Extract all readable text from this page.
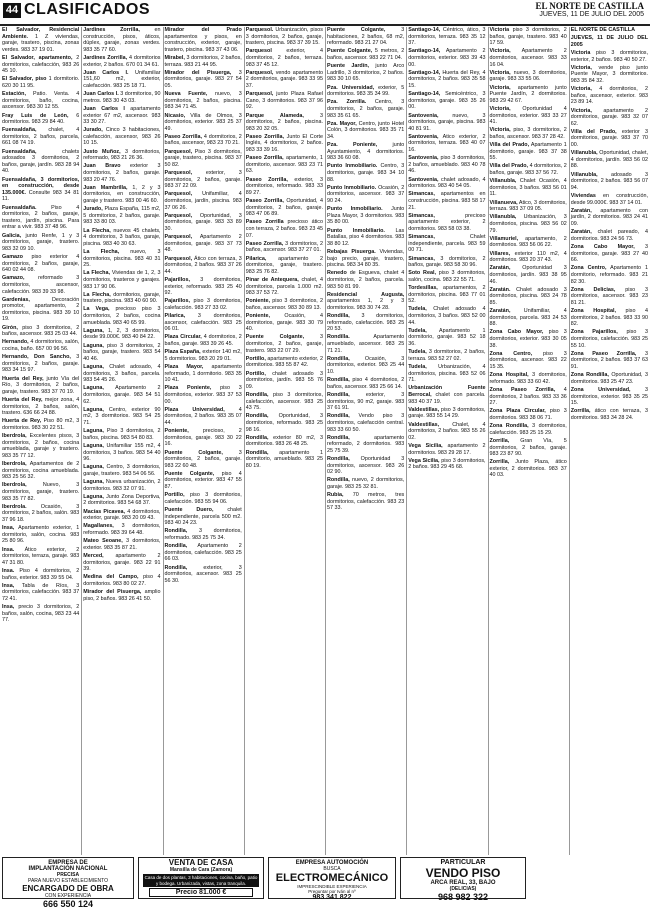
44 CLASIFICADOS	EL NORTE DE CASTILLA
JUEVES, 11 DE JULIO DEL 2005

El Salvador, Residencial Ambiente. 1 Z viviendas, garaje, trastero, piscina, zonas verdes. 983 37 19 01.

El Salvador, apartamento, 2 dormitorios, calefacción, 983 26 45 10.

El Salvador, piso 1 dormitorio. 620 30 11 95.

Estación, Patio. Venta. 4 dormitorios, baño, cocina, ascensor. 983 30 12 55.

Fray Luis de León, 6 dormitorios. 983 29 84 40.

Fuensaldaña, chalet, 4 dormitorios, 2 baños, parcela, 661 08 74 19.

Fuensaldaña,	chalets adosados 3 dormitorios, 2 baños, garaje, jardín. 983 28 94 40.

Fuensaldaña, 3 dormitorios, en construcción, desde 135.000€. Consulte 983 34 81 11.

Fuensaldaña.	Piso 4 dormitorios, 2 baños, garaje, trastero, jardín, piscina. Para entrar a vivir. 983 37 48 96.

Galicia, junto Renfe, 1 y 3 dormitorios, garaje, trastero. 983 32 09 10.

Gamazo piso exterior 4 dormitorios, 2 baños, garaje, 640 02 44 08.

Gamazo,	reformado 3 dormitorios, ascensor, calefacción. 983 39 33 98.

Gardenias,	Decoración promotor, apartamento, 2 dormitorios, piscina. 983 39 10 19.

Girón, piso 3 dormitorios, 2 baños, ascensor. 983 25 03 44.

Hernando, 4 dormitorios, salón, cocina, baño. 657 00 96 56.

Hernando, Don Sancho, 3 dormitorios, 2 baños, garaje. 983 34 15 97.

Huerta del Rey, junto Vía del Río, 3 dormitorios, 2 baños, garaje, trastero. 983 37 70 19.

Huerta del Rey, mejor zona, 4 dormitorios, 2 baños, salón, trastero. 636 66 24 88.

Huerta de Rey, Piso 80 m2, 3 dormitorios. 983 30 22 51.

Iberdrola, Excelentes pisos, 3 dormitorios, 2 baños, cocina amueblada, garaje y trastero. 983 35 77 12.

Iberdrola, Apartamentos de 2 dormitorios, cocina amueblada. 983 25 56 32.

Iberdrola,	Nuevo, 3 dormitorios, garaje, trastero. 983 35 77 82.

Iberdrola.	Ocasión, 3 dormitorios, 2 baños, salón. 983 37 96 18.

Insa, Apartamento exterior, 1 dormitorio, salón, cocina. 983 25 80 96.

Insa. Ático exterior, 2 dormitorios, terraza, garaje. 983 47 31 80.

Insa. Piso 4 dormitorios, 2 baños, exterior. 983 39 55 04.

Insa, Tabla de Ríos, 3 dormitorios, calefacción. 983 37 72 41.

Insa, precio 3 dormitorios, 2 baños, salón, cocina, 983 23 44 77.

Jardines Zorrilla,	en construcción, pisos, áticos, dúplex, garaje, zonas verdes. 983 35 77 60.

Jardines Zorrilla, 4 dormitorios exterior, 2 baños. 670 01 34 61.

Juan Carlos I. Unifamiliar 151,60 m2, exterior, calefacción. 983 25 18 71.

Juan Carlos I. 3 dormitorios, 90 metros. 983 30 43 03.

Juan Carlos I apartamento exterior 67 m2, ascensor. 983 33 30 27.

Jurado, Cinco 3 habitaciones, calefacción, ascensor, 983 26 10 15.

Justo Muñoz, 3 dormitorios, reformado, 983 21 26 36.

Juan Bravo exterior 3 dormitorios, 2 baños, garaje. 983 20 47 76.

Juan Mambrilla, 1, 2 y 3 dormitorios, en construcción, garaje y trastero. 983 00 46 60.

Jurado, Plaza España, 115 m2, 5 dormitorios, 2 baños, garaje. 983 33 80 03.

La Flecha, nuevos 45 chalets, 4 dormitorios, 3 baños, garaje, piscina. 983 40 30 63.

La Flecha, nuevo, 3 dormitorios, piscina. 983 40 31 25.

La Flecha, Viviendas de 1, 2, 3 dormitorios, trasteros y garajes. 983 17 90 06.

La Flecha, dormitorios, garaje, trastero, piscina. 983 40 60 90.

La Vega, precioso piso 3 dormitorios, 2 baños, cocina amueblada. 983 40 65 99.

Laguna, 1, 2, 3 dormitorios, desde 99.000€. 983 40 84 22.

Laguna, piso 3 dormitorios, 2 baños, garaje, trastero. 983 54 40 46.

Laguna, Chalet adosado, 4 dormitorios, 3 baños, parcela. 983 54 45 26.

Laguna, Apartamento 2 dormitorios, garaje. 983 54 51 62.

Laguna, Centro, exterior 90 m2, 3 dormitorios. 983 54 25 71.

Laguna, Piso 3 dormitorios, 2 baños, piscina. 983 54 80 83.

Laguna, Unifamiliar 155 m2, 4 dormitorios, 3 baños. 983 54 40 96.

Laguna, Centro, 3 dormitorios, garaje, trastero. 983 54 06 56.

Laguna, Nueva urbanización, 2 dormitorios. 983 32 07 91.

Laguna, Junto Zona Deportiva, 2 dormitorios. 983 54 68 37.

Macías Picavea, 4 dormitorios, exterior, garaje. 983 20 09 43.

Magallanes, 3 dormitorios, reformado. 983 39 64 48.

Mateo Seoane, 3 dormitorios, exterior. 983 35 87 21.

Merced, apartamento 2 dormitorios, garaje. 983 22 91 39.

Medina del Campo, piso 4 dormitorios. 983 80 02 27.

Mirador del Pisuerga, amplio piso, 2 baños. 983 26 41 50.

Mirador del Prado apartamentos y pisos, en construcción, exterior, garaje, trastero, piscina. 983 37 43 06.

Mirabel, 3 dormitorios, 2 baños, terraza. 983 21 44 95.

Mirador del Pisuerga, 3 dormitorios, garaje. 983 27 54 05.

Nueva Fuente, nuevo, 3 dormitorios, 2 baños, piscina. 983 34 71 45.

Nicasio, Villa de Olmos, 3 dormitorios, exterior. 983 25 37 49.

Paseo Zorrilla, 4 dormitorios, 2 baños, ascensor, 983 23 70 21.

Parquesol, Piso 3 dormitorios, garaje, trastero, piscina. 983 37 50 82.

Parquesol,	exterior, 3 dormitorios, 2 baños, garaje. 983 37 22 09.

Parquesol, Unifamiliar, 4 dormitorios, jardín, piscina. 983 37 06 26.

Parquesol, Oportunidad, 3 dormitorios, garaje. 983 33 89 30.

Parquesol, Apartamento 2 dormitorios, garaje. 983 37 73 48.

Parquesol, Ático con terraza, 3 dormitorios, 2 baños. 983 37 26 44.

Pajarillos, 3 dormitorios, exterior, reformado. 983 25 40 92.

Pajarillos, piso 3 dormitorios, calefacción. 983 27 33 02.

Pilarica, 3 dormitorios, ascensor, calefacción. 983 25 06 01.

Plaza Circular, 4 dormitorios, 2 baños, garaje. 983 39 26 45.

Plaza España, exterior 140 m2, 5 dormitorios. 983 20 29 01.

Plaza Mayor, apartamento reformado, 1 dormitorio. 983 35 10 41.

Plaza Poniente, piso 3 dormitorios, exterior. 983 37 53 00.

Plaza Universidad,	4 dormitorios, 2 baños. 983 35 07 44.

Poniente,	precioso, 2 dormitorios, garaje. 983 30 22 16.

Puente Colgante,	3 dormitorios, 2 baños, garaje. 983 22 60 48.

Puente Colgante, piso 4 dormitorios, exterior. 983 47 55 87.

Portillo, piso 3 dormitorios, calefacción. 983 55 94 06.

Puente Duero,	chalet independiente, parcela 500 m2. 983 40 24 23.

Rondilla, 3 dormitorios, reformado. 983 25 75 34.

Rondilla, Apartamento 2 dormitorios, calefacción. 983 25 66 03.

Rondilla,	exterior, 3 dormitorios, ascensor. 983 25 56 30.

Parquesol. Urbanización, pisos 3 dormitorios, 2 baños, garaje, trastero, piscina. 983 37 39 15.

Parquesol	exterior, 4 dormitorios, 2 baños, terraza. 983 37 45 12.

Parquesol, vendo apartamento 2 dormitorios, garaje. 983 33 95 37.

Parquesol, junto Plaza Rafael Cano, 3 dormitorios. 983 37 96 92.

Parque Alameda,	3 dormitorios, 2 baños, piscina. 983 20 32 05.

Paseo Zorrilla, Junto El Corte Inglés, 4 dormitorios, 2 baños. 983 33 39 16.

Paseo Zorrilla, apartamento, 1 dormitorio, ascensor. 983 23 71 63.

Paseo Zorrilla, exterior, 3 dormitorios, reformado. 983 33 89 27.

Paseo Zorrilla, Oportunidad, 4 dormitorios, 2 baños, garaje. 983 47 06 89.

Paseo Zorrilla precioso ático con terraza, 2 baños. 983 23 45 07.

Paseo Zorrilla, 3 dormitorios, 2 baños, ascensor. 983 37 27 01.

Pilarica, apartamento 2 dormitorios, garaje, trastero. 983 25 76 82.

Pinar de Antequera, chalet, 4 dormitorios, parcela 1.000 m2. 983 37 53 72.

Poniente, piso 3 dormitorios, 2 baños, ascensor. 983 30 89 13.

Poniente,	Ocasión, 4 dormitorios, garaje. 983 30 79 40.

Puente Colgante,	3 dormitorios, 2 baños, garaje, trastero. 983 22 07 29.

Portillo, apartamento exterior, 2 dormitorios. 983 55 87 42.

Portillo, chalet adosado 3 dormitorios, jardín. 983 55 76 09.

Rondilla, piso 3 dormitorios, calefacción, ascensor. 983 25 43 75.

Rondilla, Oportunidad, 3 dormitorios, reformado. 983 25 98 16.

Rondilla, exterior 80 m2, 3 dormitorios. 983 26 48 25.

Rondilla, apartamento 1 dormitorio, amueblado. 983 25 80 19.

Puente Colgante,	3 habitaciones, 2 baños, 68 m2, reformado. 983 21 27 04.

Puente Colgante, 5 metros, 2 baños, ascensor. 983 22 71 04.

Puente Jardín, junto Arco Ladrillo, 3 dormitorios, 2 baños. 983 30 10 65.

Pza. Universidad, exterior, 5 dormitorios. 983 35 34 99.

Pza. Zorrilla. Centro, 3 dormitorios, 2 baños, garaje. 983 35 61 65.

Pza. Mayor, Centro, junto Hotel Colón, 3 dormitorios. 983 35 71 34.

Pza. Poniente,	junto Ayuntamiento, 4 dormitorios. 983 36 60 08.

Punto Inmobiliario. Centro, 3 dormitorios, garaje. 983 34 10 88.

Punto Inmobiliario. Ocasión, 2 dormitorios, ascensor. 983 37 90 24.

Punto Inmobiliario. Junto Plaza Mayor, 3 dormitorios. 983 35 80 00.

Punto Inmobiliario. Las Batallas, piso 4 dormitorios. 983 38 80 12.

Rebajas Pisuerga. Viviendas, bajo precio, garaje, trastero, piscina. 983 34 80 35.

Renedo de Esgueva, chalet 4 dormitorios, 2 baños, parcela. 983 50 81 99.

Residencial Augusta, apartamentos 1, 2 y 3 dormitorios. 983 30 74 28.

Rondilla, 3 dormitorios, reformado, calefacción. 983 25 20 53.

Rondilla.	Apartamento amueblado, ascensor. 983 25 71 21.

Rondilla,	Ocasión, 3 dormitorios, exterior. 983 25 44 10.

Rondilla, piso 4 dormitorios, 2 baños, ascensor. 983 25 66 14.

Rondilla,	exterior, 3 dormitorios, 90 m2, garaje. 983 37 61 91.

Rondilla, Vendo piso 3 dormitorios, calefacción central. 983 33 60 50.

Rondilla,	apartamento reformado, 2 dormitorios. 983 25 75 39.

Rondilla, Oportunidad 3 dormitorios, ascensor. 983 26 02 90.

Rondilla, nuevo, 2 dormitorios, garaje. 983 25 32 81.

Rubia, 70 metros, tres dormitorios, calefacción. 983 23 57 33.

Santiago-14, Céntrico, ático, 3 dormitorios, terraza. 983 35 12 37.

Santiago-14, Apartamento 2 dormitorios, exterior. 983 39 43 00.

Santiago-14, Huerta del Rey, 4 dormitorios, 2 baños. 983 35 58 15.

Santiago-14, Semicéntrico, 3 dormitorios, garaje. 983 35 26 00.

Santovenia,	nuevo, 3 dormitorios, garaje, piscina. 983 40 81 91.

Santovenia, Atico exterior, 2 dormitorios, terraza. 983 40 07 16.

Santovenia, piso 3 dormitorios, 2 baños, amueblado. 983 40 78 46.

Santovenia, chalet adosado, 4 dormitorios. 983 40 54 05.

Simancas, apartamentos en construcción, piscina. 983 58 17 21.

Simancas,	precioso apartamento exterior, 2 dormitorios. 983 58 03 38.

Simancas,	Chalet independiente, parcela. 983 59 00 71.

Simancas, 3 dormitorios, 2 baños, garaje. 983 58 30 96.

Soto Real, piso 3 dormitorios, salón, cocina. 983 22 55 71.

Tordesillas, apartamentos, 2 dormitorios, piscina. 983 77 01 52.

Tudela, Chalet adosado 4 dormitorios, 3 baños. 983 52 00 44.

Tudela, Apartamento 1 dormitorio, garaje. 983 52 18 36.

Tudela, 3 dormitorios, 2 baños, terraza. 983 52 27 02.

Tudela, Urbanización, 4 dormitorios, piscina. 983 52 06 71.

Urbanización Fuente Berrocal, chalet con parcela. 983 40 37 19.

Valdestillas, piso 3 dormitorios, garaje. 983 55 14 29.

Valdestillas, Chalet, 4 dormitorios, 2 baños. 983 55 26 02.

Vega Sicilia, apartamento 2 dormitorios. 983 29 28 17.

Vega Sicilia, piso 3 dormitorios, 2 baños. 983 29 45 68.

Victoria piso 3 dormitorios, 2 baños, garaje, trastero. 983 40 17 59.

Victoria, Apartamento 2 dormitorios, ascensor. 983 33 16 04.

Victoria, nuevo, 3 dormitorios, garaje. 983 33 55 06.

Victoria, apartamento junto Puente Jardín, 2 dormitorios. 983 29 42 67.

Victoria, Oportunidad 4 dormitorios, exterior. 983 33 27 41.

Victoria, piso, 3 dormitorios, 2 baños, ascensor. 983 37 28 42.

Villa del Prado, Apartamento 1 dormitorio, garaje. 983 37 38 55.

Villa del Prado, 4 dormitorios, 2 baños, garaje. 983 37 56 72.

Villanubla, Chalet Ocasión, 4 dormitorios, 3 baños. 983 56 01 11.

Villanueva, Atico, 3 dormitorios, terraza. 983 37 09 05.

Villanubla, Urbanización, 3 dormitorios, piscina. 983 56 02 79.

Villamuriel, apartamento, 2 dormitorios. 983 56 06 22.

Villares, exterior 110 m2, 4 dormitorios. 983 20 37 43.

Zaratán, Oportunidad 3 dormitorios, jardín. 983 38 95 46.

Zaratán. Chalet adosado 3 dormitorios, piscina. 983 24 78 85.

Zaratán, Unifamiliar, 4 dormitorios, parcela. 983 24 53 88.

Zona Cabo Mayor, piso 3 dormitorios, exterior. 983 30 05 38.

Zona Centro, piso 3 dormitorios, ascensor. 983 22 15 35.

Zona Hospital, 3 dormitorios, reformado. 983 33 60 42.

Zona Paseo Zorrilla, 4 dormitorios, 2 baños. 983 33 36 27.

Zona Plaza Circular, piso 3 dormitorios. 983 38 06 71.

Zona Rondilla, 3 dormitorios, calefacción. 983 25 15 29.

Zorrilla, Gran Vía, 5 dormitorios, 2 baños, garaje. 983 23 87 90.

Zorrilla, Junto Plaza, ático exterior, 2 dormitorios. 983 37 40 03.

EL NORTE DE CASTILLA

JUEVES, 11 DE JULIO DEL 2005

Victoria piso 3 dormitorios, exterior, 2 baños. 983 40 50 27.

Victoria, vende piso junto Puente Mayor, 3 dormitorios. 983 35 84 32.

Victoria, 4 dormitorios, 2 baños, ascensor, exterior. 983 23 89 14.

Victoria, apartamento 2 dormitorios, garaje. 983 32 07 62.

Villa del Prado, exterior 3 dormitorios, garaje. 983 37 70 00.

Villanubla, Oportunidad, chalet, 4 dormitorios, jardín. 983 56 02 88.

Villanubla, adosado 3 dormitorios, 2 baños. 983 56 07 94.

Viviendas en construcción, desde 99.000€. 983 37 14 01.

Zaratán, apartamento con jardín, 2 dormitorios. 983 24 41 09.

Zaratán, chalet pareado, 4 dormitorios. 983 24 56 73.

Zona Cabo Mayor, 3 dormitorios, garaje. 983 27 40 66.

Zona Centro, Apartamento 1 dormitorio, reformado. 983 21 82 30.

Zona Delicias, piso 3 dormitorios, ascensor. 983 23 81 21.

Zona Hospital, piso 4 dormitorios, 2 baños. 983 33 90 82.

Zona Pajarillos, piso 3 dormitorios, calefacción. 983 25 55 10.

Zona Paseo Zorrilla, 3 dormitorios, 2 baños. 983 37 63 91.

Zona Rondilla, Oportunidad, 3 dormitorios. 983 25 47 23.

Zona Universidad,	3 dormitorios, exterior. 983 35 25 15.

Zorrilla, ático con terraza, 3 dormitorios. 983 34 28 24.

EMPRESA DE
IMPLANTACIÓN NACIONAL
PRECISA
PARA NUEVO ESTABLECIMIENTO
ENCARGADO DE OBRA
CON EXPERIENCIA
666 550 124
VENTA DE CASA
Mansilla de Cara (Zamora)
Casa de dos plantas, 3 habitaciones, cocina, baño, patio y bodega. Urbanizada, vistas, zona tranquila.
Precio 81.000 €
EMPRESA AUTOMOCIÓN
BUSCA
ELECTROMECÁNICO
IMPRESCINDIBLE EXPERIENCIA
Preguntar por Iván al nº
983 341 822
PARTICULAR
VENDO PISO
ARCA REAL, 33, BAJO
(DELICIAS)
968 982 322
